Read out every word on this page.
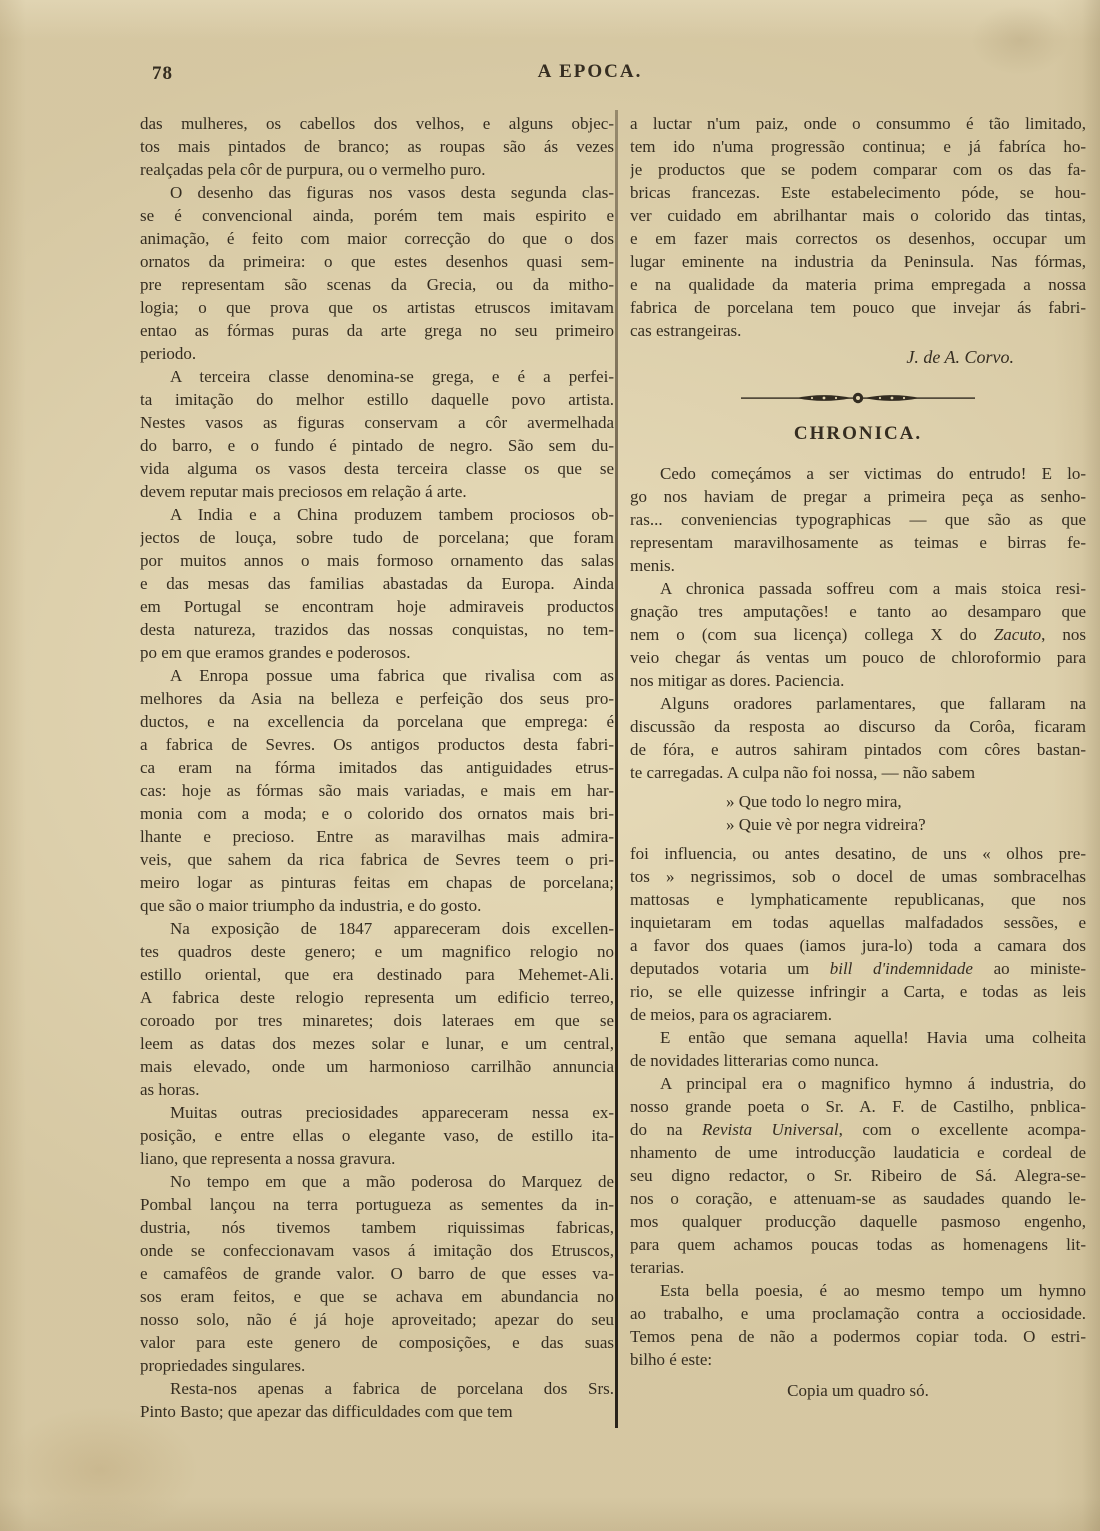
78	A EPOCA.
das mulheres, os cabellos dos velhos, e alguns objec-
tos mais pintados de branco; as roupas são ás vezes
realçadas pela côr de purpura, ou o vermelho puro.
O desenho das figuras nos vasos desta segunda clas-
se é convencional ainda, porém tem mais espirito e
animação, é feito com maior correcção do que o dos
ornatos da primeira: o que estes desenhos quasi sem-
pre representam são scenas da Grecia, ou da mitho-
logia; o que prova que os artistas etruscos imitavam
entao as fórmas puras da arte grega no seu primeiro
periodo.
A terceira classe denomina-se grega, e é a perfei-
ta imitação do melhor estillo daquelle povo artista.
Nestes vasos as figuras conservam a côr avermelhada
do barro, e o fundo é pintado de negro. São sem du-
vida alguma os vasos desta terceira classe os que se
devem reputar mais preciosos em relação á arte.
A India e a China produzem tambem prociosos ob-
jectos de louça, sobre tudo de porcelana; que foram
por muitos annos o mais formoso ornamento das salas
e das mesas das familias abastadas da Europa. Ainda
em Portugal se encontram hoje admiraveis productos
desta natureza, trazidos das nossas conquistas, no tem-
po em que eramos grandes e poderosos.
A Enropa possue uma fabrica que rivalisa com as
melhores da Asia na belleza e perfeição dos seus pro-
ductos, e na excellencia da porcelana que emprega: é
a fabrica de Sevres. Os antigos productos desta fabri-
ca eram na fórma imitados das antiguidades etrus-
cas: hoje as fórmas são mais variadas, e mais em har-
monia com a moda; e o colorido dos ornatos mais bri-
lhante e precioso. Entre as maravilhas mais admira-
veis, que sahem da rica fabrica de Sevres teem o pri-
meiro logar as pinturas feitas em chapas de porcelana;
que são o maior triumpho da industria, e do gosto.
Na exposição de 1847 appareceram dois excellen-
tes quadros deste genero; e um magnifico relogio no
estillo oriental, que era destinado para Mehemet-Ali.
A fabrica deste relogio representa um edificio terreo,
coroado por tres minaretes; dois lateraes em que se
leem as datas dos mezes solar e lunar, e um central,
mais elevado, onde um harmonioso carrilhão annuncia
as horas.
Muitas outras preciosidades appareceram nessa ex-
posição, e entre ellas o elegante vaso, de estillo ita-
liano, que representa a nossa gravura.
No tempo em que a mão poderosa do Marquez de
Pombal lançou na terra portugueza as sementes da in-
dustria, nós tivemos tambem riquissimas fabricas,
onde se confeccionavam vasos á imitação dos Etruscos,
e camafêos de grande valor. O barro de que esses va-
sos eram feitos, e que se achava em abundancia no
nosso solo, não é já hoje aproveitado; apezar do seu
valor para este genero de composições, e das suas
propriedades singulares.
Resta-nos apenas a fabrica de porcelana dos Srs.
Pinto Basto; que apezar das difficuldades com que tem
a luctar n'um paiz, onde o consummo é tão limitado,
tem ido n'uma progressão continua; e já fabríca ho-
je productos que se podem comparar com os das fa-
bricas francezas. Este estabelecimento póde, se hou-
ver cuidado em abrilhantar mais o colorido das tintas,
e em fazer mais correctos os desenhos, occupar um
lugar eminente na industria da Peninsula. Nas fórmas,
e na qualidade da materia prima empregada a nossa
fabrica de porcelana tem pouco que invejar ás fabri-
cas estrangeiras.
J. de A. Corvo.
CHRONICA.
Cedo começámos a ser victimas do entrudo! E lo-
go nos haviam de pregar a primeira peça as senho-
ras... conveniencias typographicas — que são as que
representam maravilhosamente as teimas e birras fe-
menis.
A chronica passada soffreu com a mais stoica resi-
gnação tres amputações! e tanto ao desamparo que
nem o (com sua licença) collega X do Zacuto, nos
veio chegar ás ventas um pouco de chloroformio para
nos mitigar as dores. Paciencia.
Alguns oradores parlamentares, que fallaram na
discussão da resposta ao discurso da Corôa, ficaram
de fóra, e autros sahiram pintados com côres bastan-
te carregadas. A culpa não foi nossa, — não sabem
» Que todo lo negro mira,
» Quie vè por negra vidreira?
foi influencia, ou antes desatino, de uns « olhos pre-
tos » negrissimos, sob o docel de umas sombracelhas
mattosas e lymphaticamente republicanas, que nos
inquietaram em todas aquellas malfadados sessões, e
a favor dos quaes (iamos jura-lo) toda a camara dos
deputados votaria um bill d'indemnidade ao ministe-
rio, se elle quizesse infringir a Carta, e todas as leis
de meios, para os agraciarem.
E então que semana aquella! Havia uma colheita
de novidades litterarias como nunca.
A principal era o magnifico hymno á industria, do
nosso grande poeta o Sr. A. F. de Castilho, pnblica-
do na Revista Universal, com o excellente acompa-
nhamento de ume introducção laudaticia e cordeal de
seu digno redactor, o Sr. Ribeiro de Sá. Alegra-se-
nos o coração, e attenuam-se as saudades quando le-
mos qualquer producção daquelle pasmoso engenho,
para quem achamos poucas todas as homenagens lit-
terarias.
Esta bella poesia, é ao mesmo tempo um hymno
ao trabalho, e uma proclamação contra a occiosidade.
Temos pena de não a podermos copiar toda. O estri-
bilho é este:
Copia um quadro só.
